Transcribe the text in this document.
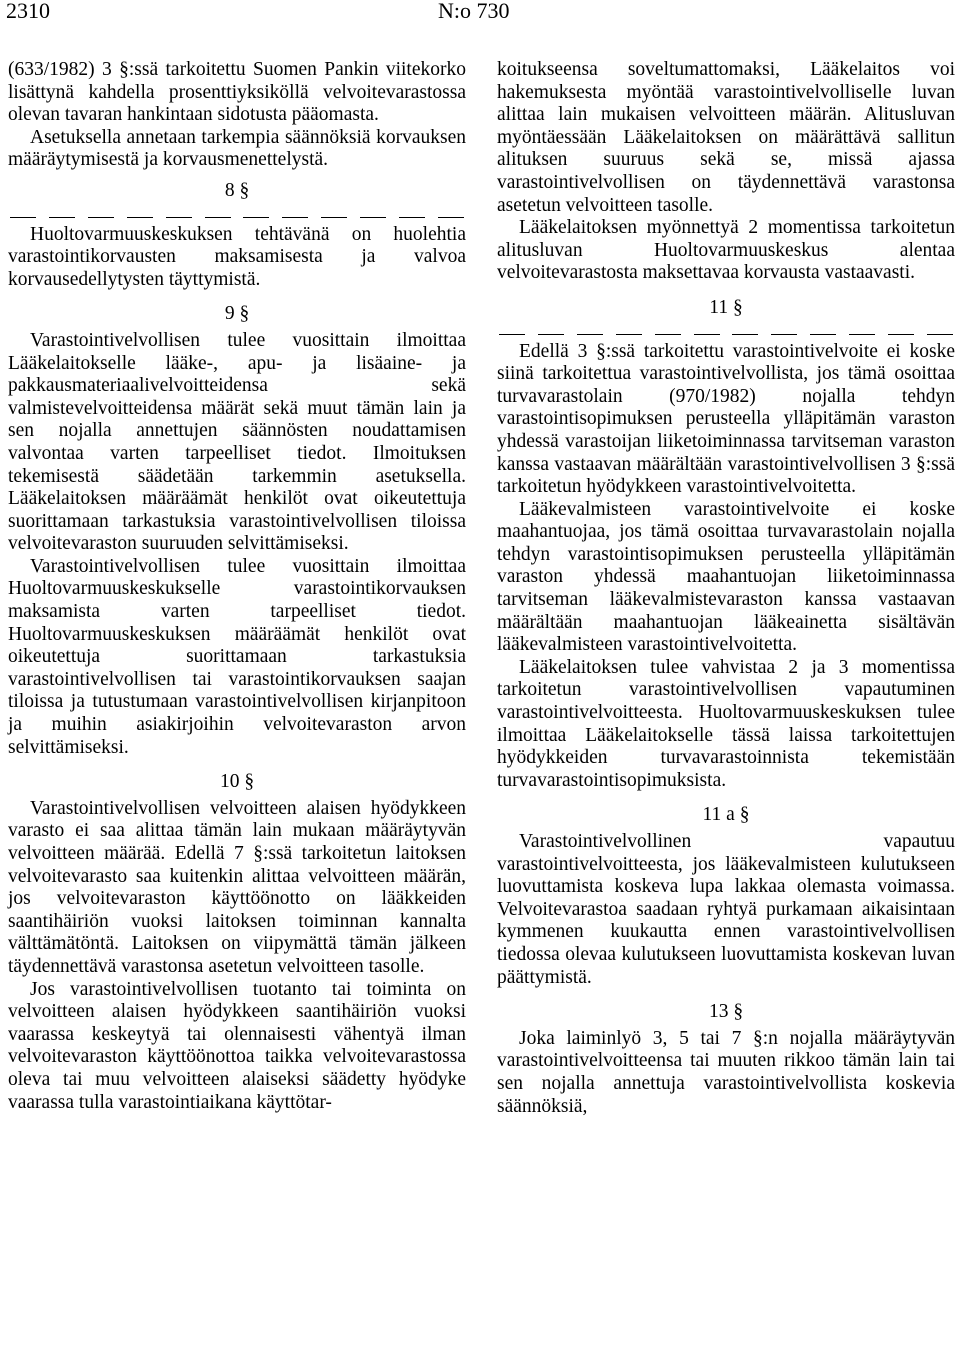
2310	N:o 730

(633/1982) 3 §:ssä tarkoitettu Suomen Pankin viitekorko lisättynä kahdella prosenttiyksiköllä velvoitevarastossa olevan tavaran hankintaan sidotusta pääomasta.

Asetuksella annetaan tarkempia säännöksiä korvauksen määräytymisestä ja korvausmenettelystä.

8 §

Huoltovarmuuskeskuksen tehtävänä on huolehtia varastointikorvausten maksamisesta ja valvoa korvausedellytysten täyttymistä.

9 §

Varastointivelvollisen tulee vuosittain ilmoittaa Lääkelaitokselle lääke-, apu- ja lisäaine- ja pakkausmateriaalivelvoitteidensa sekä valmistevelvoitteidensa määrät sekä muut tämän lain ja sen nojalla annettujen säännösten noudattamisen valvontaa varten tarpeelliset tiedot. Ilmoituksen tekemisestä säädetään tarkemmin asetuksella. Lääkelaitoksen määräämät henkilöt ovat oikeutettuja suorittamaan tarkastuksia varastointivelvollisen tiloissa velvoitevaraston suuruuden selvittämiseksi.

Varastointivelvollisen tulee vuosittain ilmoittaa Huoltovarmuuskeskukselle varastointikorvauksen maksamista varten tarpeelliset tiedot. Huoltovarmuuskeskuksen määräämät henkilöt ovat oikeutettuja suorittamaan tarkastuksia varastointivelvollisen tai varastointikorvauksen saajan tiloissa ja tutustumaan varastointivelvollisen kirjanpitoon ja muihin asiakirjoihin velvoitevaraston arvon selvittämiseksi.

10 §

Varastointivelvollisen velvoitteen alaisen hyödykkeen varasto ei saa alittaa tämän lain mukaan määräytyvän velvoitteen määrää. Edellä 7 §:ssä tarkoitetun laitoksen velvoitevarasto saa kuitenkin alittaa velvoitteen määrän, jos velvoitevaraston käyttöönotto on lääkkeiden saantihäiriön vuoksi laitoksen toiminnan kannalta välttämätöntä. Laitoksen on viipymättä tämän jälkeen täydennettävä varastonsa asetetun velvoitteen tasolle.

Jos varastointivelvollisen tuotanto tai toiminta on velvoitteen alaisen hyödykkeen saantihäiriön vuoksi vaarassa keskeytyä tai olennaisesti vähentyä ilman velvoitevaraston käyttöönottoa taikka velvoitevarastossa oleva tai muu velvoitteen alaiseksi säädetty hyödyke vaarassa tulla varastointiaikana käyttötar-

koitukseensa soveltumattomaksi, Lääkelaitos voi hakemuksesta myöntää varastointivelvolliselle luvan alittaa lain mukaisen velvoitteen määrän. Alitusluvan myöntäessään Lääkelaitoksen on määrättävä sallitun alituksen suuruus sekä se, missä ajassa varastointivelvollisen on täydennettävä varastonsa asetetun velvoitteen tasolle.

Lääkelaitoksen myönnettyä 2 momentissa tarkoitetun alitusluvan Huoltovarmuuskeskus alentaa velvoitevarastosta maksettavaa korvausta vastaavasti.

11 §

Edellä 3 §:ssä tarkoitettu varastointivelvoite ei koske siinä tarkoitettua varastointivelvollista, jos tämä osoittaa turvavarastolain (970/1982) nojalla tehdyn varastointisopimuksen perusteella ylläpitämän varaston yhdessä varastoijan liiketoiminnassa tarvitseman varaston kanssa vastaavan määrältään varastointivelvollisen 3 §:ssä tarkoitetun hyödykkeen varastointivelvoitetta.

Lääkevalmisteen varastointivelvoite ei koske maahantuojaa, jos tämä osoittaa turvavarastolain nojalla tehdyn varastointisopimuksen perusteella ylläpitämän varaston yhdessä maahantuojan liiketoiminnassa tarvitseman lääkevalmistevaraston kanssa vastaavan määrältään maahantuojan lääkeainetta sisältävän lääkevalmisteen varastointivelvoitetta.

Lääkelaitoksen tulee vahvistaa 2 ja 3 momentissa tarkoitetun varastointivelvollisen vapautuminen varastointivelvoitteesta. Huoltovarmuuskeskuksen tulee ilmoittaa Lääkelaitokselle tässä laissa tarkoitettujen hyödykkeiden turvavarastoinnista tekemistään turvavarastointisopimuksista.

11 a §

Varastointivelvollinen vapautuu varastointivelvoitteesta, jos lääkevalmisteen kulutukseen luovuttamista koskeva lupa lakkaa olemasta voimassa. Velvoitevarastoa saadaan ryhtyä purkamaan aikaisintaan kymmenen kuukautta ennen varastointivelvollisen tiedossa olevaa kulutukseen luovuttamista koskevan luvan päättymistä.

13 §

Joka laiminlyö 3, 5 tai 7 §:n nojalla määräytyvän varastointivelvoitteensa tai muuten rikkoo tämän lain tai sen nojalla annettuja varastointivelvollista koskevia säännöksiä,
